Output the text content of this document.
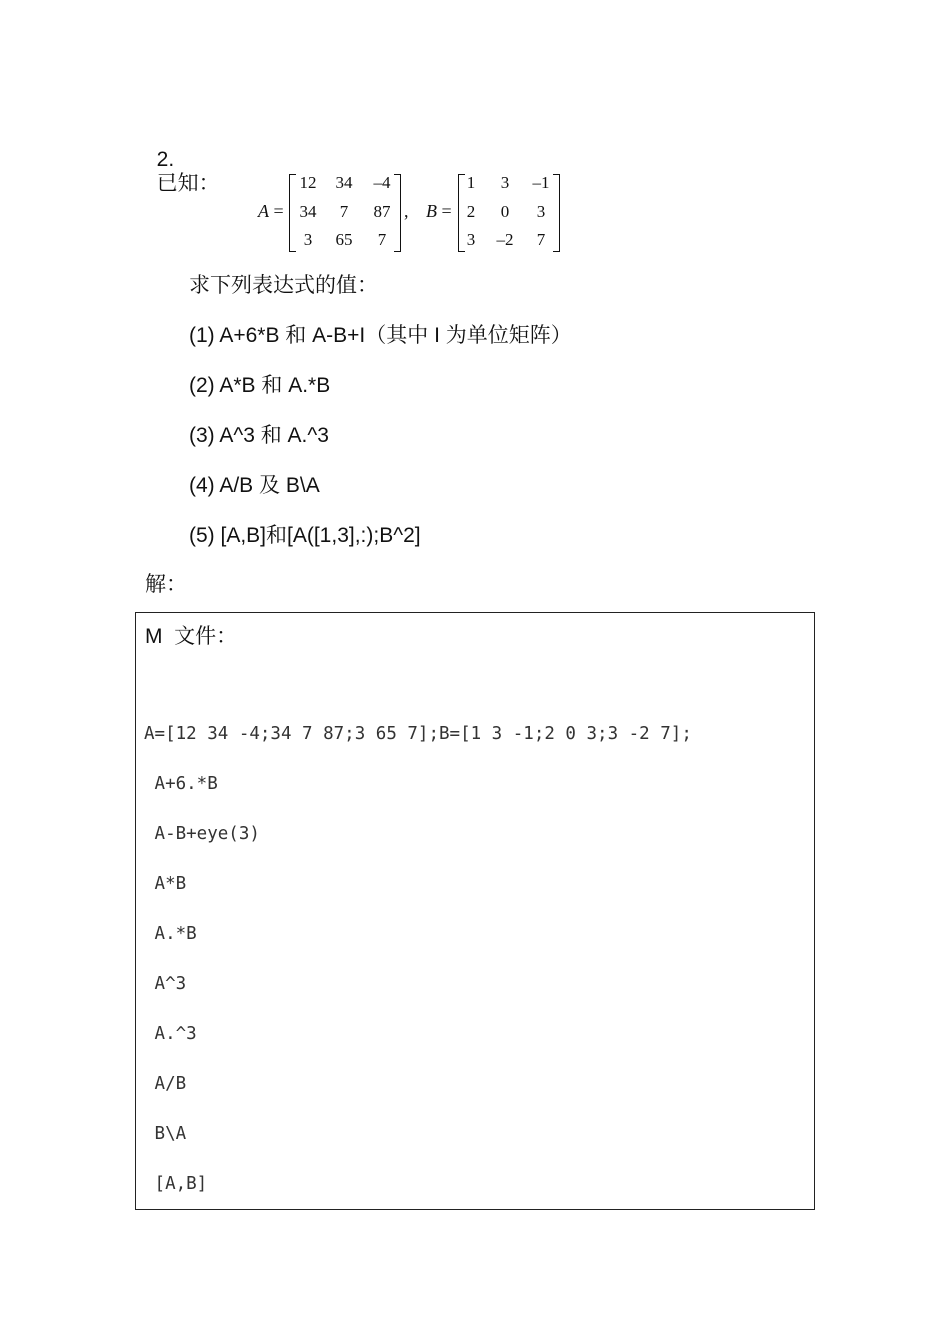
2.
已知：

A =
12	34	–4
34	7	87
3	65	7
, B =
1	3	–1
2	0	3
3	–2	7
求下列表达式的值：
(1) A+6*B 和 A-B+I（其中 I 为单位矩阵）
(2) A*B 和 A.*B
(3) A^3 和 A.^3
(4) A/B 及 B\A
(5) [A,B]和[A([1,3],:);B^2]
解：
M  文件：
A=[12 34 -4;34 7 87;3 65 7];B=[1 3 -1;2 0 3;3 -2 7];
A+6.*B
A-B+eye(3)
A*B
A.*B
A^3
A.^3
A/B
B\A
[A,B]
